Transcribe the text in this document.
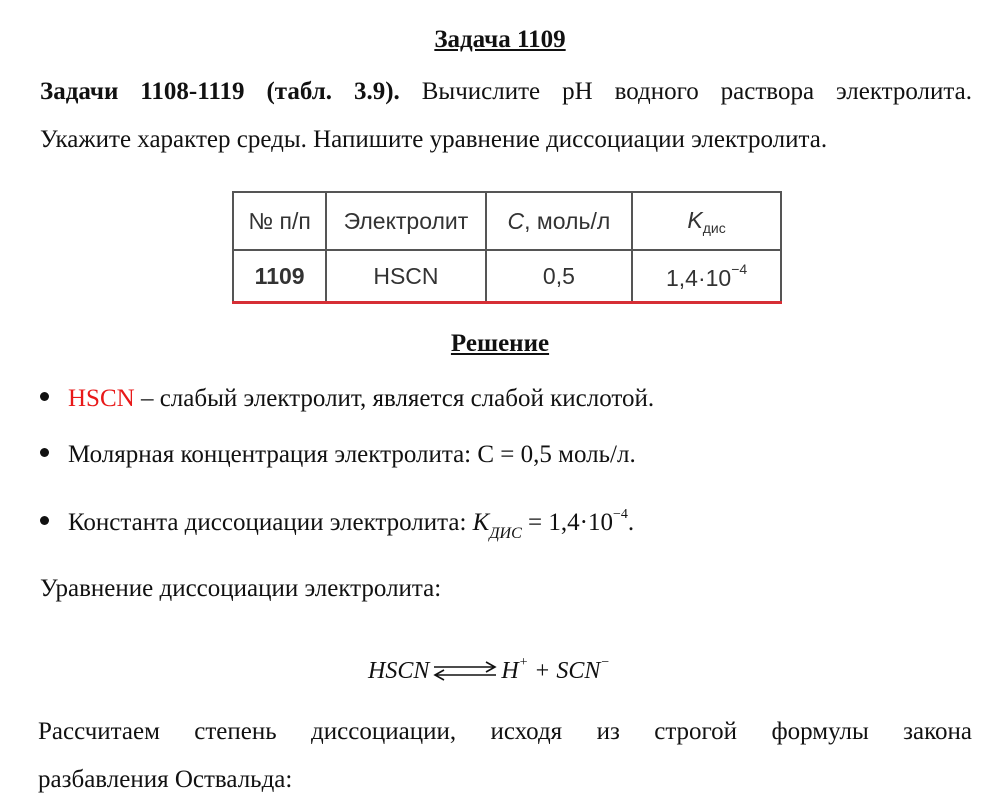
Задача 1109
Задачи 1108-1119 (табл. 3.9). Вычислите pH водного раствора электролита.
Укажите характер среды. Напишите уравнение диссоциации электролита.
№ п/п	Электролит	C, моль/л	$K_{дис}$
1109	HSCN	0,5	$1,4\cdot 10^{-4}$
Решение
HSCN – слабый электролит, является слабой кислотой.
Молярная концентрация электролита: C = 0,5 моль/л.
Константа диссоциации электролита: $K_{ДИС} = 1,4\cdot 10^{-4}$.
Уравнение диссоциации электролита:
HSCN ⇌ H+ + SCN−
Рассчитаем степень диссоциации, исходя из строгой формулы закона
разбавления Оствальда:
